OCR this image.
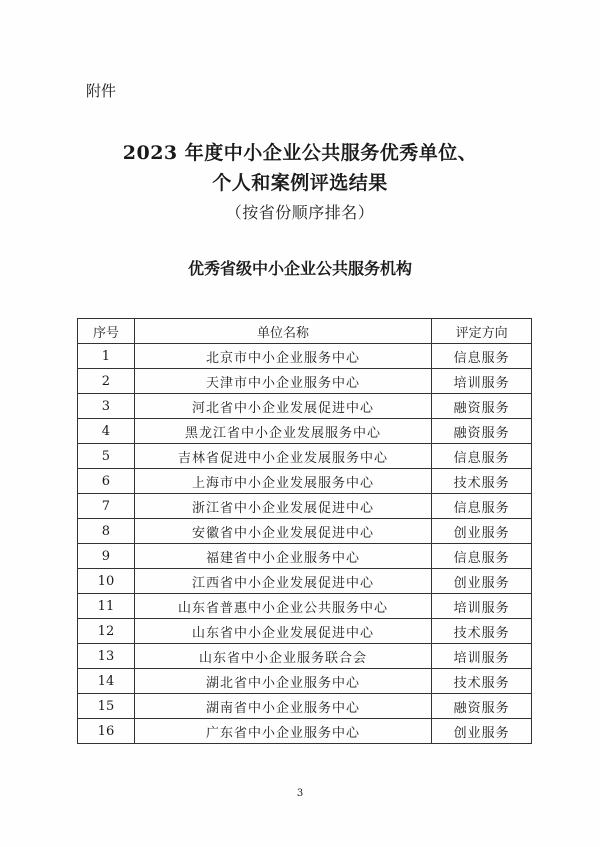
附件
2023 年度中小企业公共服务优秀单位、
个人和案例评选结果
（按省份顺序排名）
优秀省级中小企业公共服务机构
序号	单位名称	评定方向
1	北京市中小企业服务中心	信息服务
2	天津市中小企业服务中心	培训服务
3	河北省中小企业发展促进中心	融资服务
4	黑龙江省中小企业发展服务中心	融资服务
5	吉林省促进中小企业发展服务中心	信息服务
6	上海市中小企业发展服务中心	技术服务
7	浙江省中小企业发展促进中心	信息服务
8	安徽省中小企业发展促进中心	创业服务
9	福建省中小企业服务中心	信息服务
10	江西省中小企业发展促进中心	创业服务
11	山东省普惠中小企业公共服务中心	培训服务
12	山东省中小企业发展促进中心	技术服务
13	山东省中小企业服务联合会	培训服务
14	湖北省中小企业服务中心	技术服务
15	湖南省中小企业服务中心	融资服务
16	广东省中小企业服务中心	创业服务
3
